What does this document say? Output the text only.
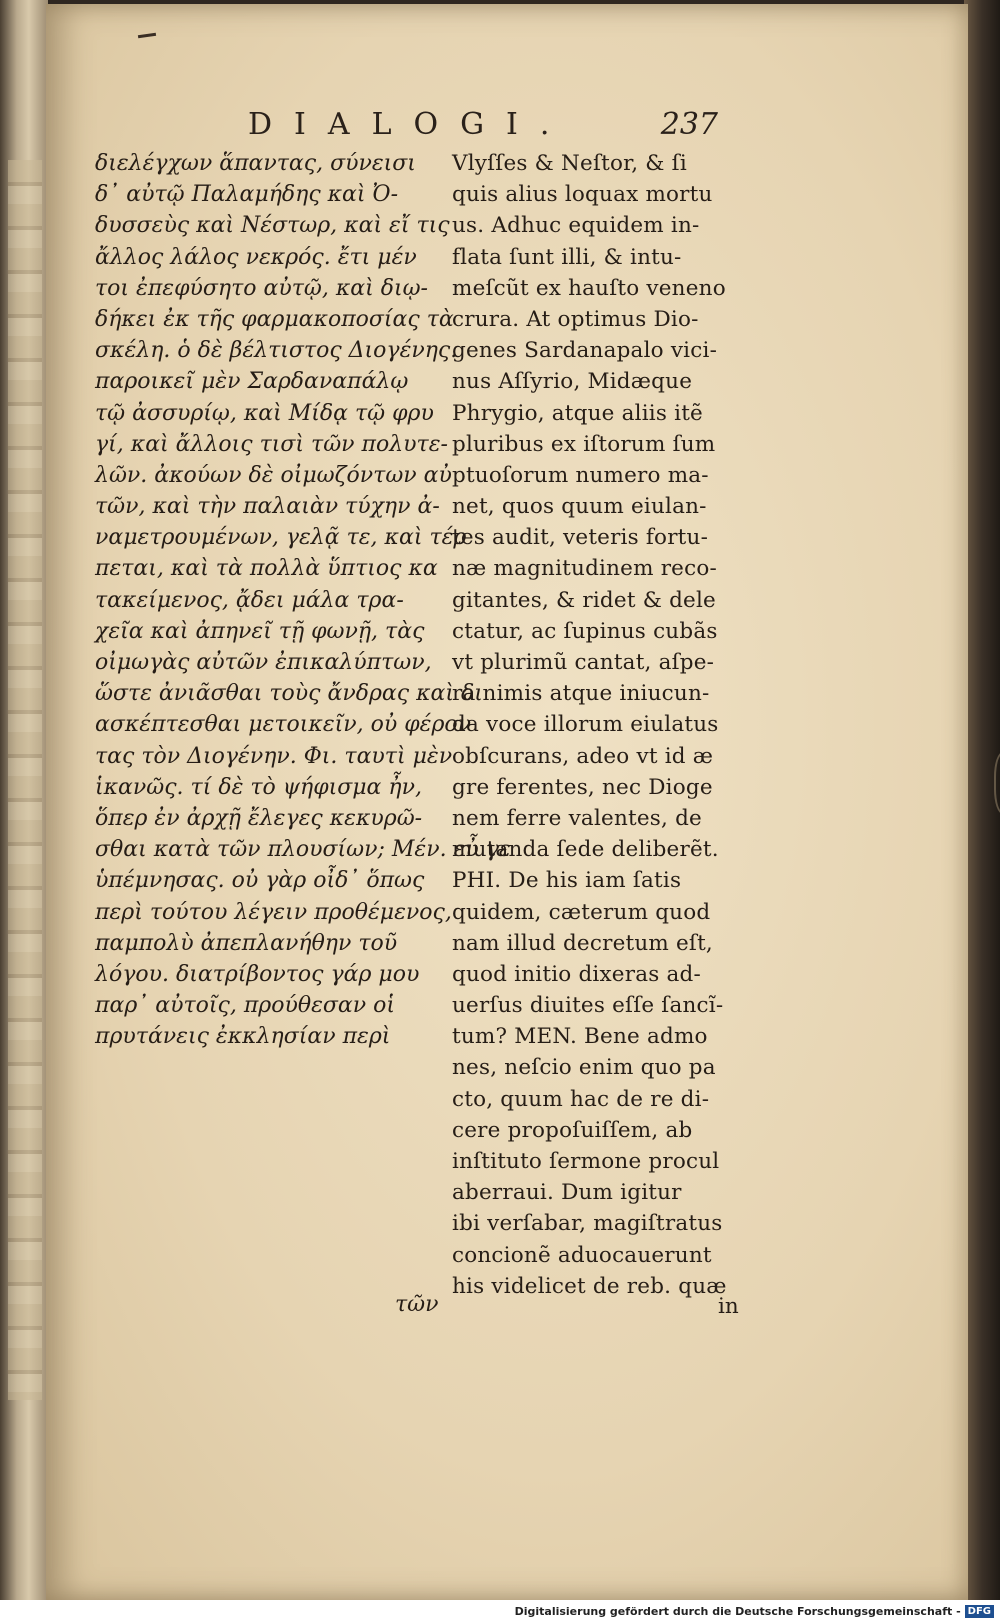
DIALOGI.	237
διελέγχων ἅπαντας, σύνεισι
δ᾽ αὐτῷ Παλαμήδης καὶ Ὀ-
δυσσεὺς καὶ Νέστωρ, καὶ εἴ τις
ἄλλος λάλος νεκρός. ἔτι μέν
τοι ἐπεφύσητο αὐτῷ, καὶ διῳ-
δήκει ἐκ τῆς φαρμακοποσίας τὰ
σκέλη. ὁ δὲ βέλτιστος Διογένης.
παροικεῖ μὲν Σαρδαναπάλῳ
τῷ ἀσσυρίῳ, καὶ Μίδᾳ τῷ φρυ
γί, καὶ ἄλλοις τισὶ τῶν πολυτε-
λῶν. ἀκούων δὲ οἰμωζόντων αὐ
τῶν, καὶ τὴν παλαιὰν τύχην ἀ-
ναμετρουμένων, γελᾷ τε, καὶ τέρ
πεται, καὶ τὰ πολλὰ ὕπτιος κα
τακείμενος, ᾄδει μάλα τρα-
χεῖα καὶ ἀπηνεῖ τῇ φωνῇ, τὰς
οἰμωγὰς αὐτῶν ἐπικαλύπτων,
ὥστε ἀνιᾶσθαι τοὺς ἄνδρας καὶ δι
ασκέπτεσθαι μετοικεῖν, οὐ φέρον
τας τὸν Διογένην. Φι. ταυτὶ μὲν
ἱκανῶς. τί δὲ τὸ ψήφισμα ἦν,
ὅπερ ἐν ἀρχῇ ἔλεγες κεκυρῶ-
σθαι κατὰ τῶν πλουσίων; Μέν. εὖ γε
ὑπέμνησας. οὐ γὰρ οἶδ᾽ ὅπως
περὶ τούτου λέγειν προθέμενος,
παμπολὺ ἀπεπλανήθην τοῦ
λόγου. διατρίβοντος γάρ μου
παρ᾽ αὐτοῖς, προύθεσαν οἱ
πρυτάνεις ἐκκλησίαν περὶ
Vlyſſes & Neſtor, & ſi
quis alius loquax mortu
us. Adhuc equidem in-
flata ſunt illi, & intu-
meſcũt ex hauſto veneno
crura. At optimus Dio-
genes Sardanapalo vici-
nus Aſſyrio, Midæque
Phrygio, atque aliis itẽ
pluribus ex iſtorum ſum
ptuoſorum numero ma-
net, quos quum eiulan-
tes audit, veteris fortu-
næ magnitudinem reco-
gitantes, & ridet & dele
ctatur, ac ſupinus cubãs
vt plurimũ cantat, aſpe-
ra nimis atque iniucun-
da voce illorum eiulatus
obſcurans, adeo vt id æ
gre ferentes, nec Dioge
nem ferre valentes, de
mutanda ſede deliberẽt.
PHI. De his iam ſatis
quidem, cæterum quod
nam illud decretum eſt,
quod initio dixeras ad-
uerſus diuites eſſe ſancĩ-
tum? MEN. Bene admo
nes, neſcio enim quo pa
cto, quum hac de re di-
cere propoſuiſſem, ab
inſtituto ſermone procul
aberraui. Dum igitur
ibi verſabar, magiſtratus
concionẽ aduocauerunt
his videlicet de reb. quæ
τῶν	in
Digitalisierung gefördert durch die Deutsche Forschungsgemeinschaft - DFG
